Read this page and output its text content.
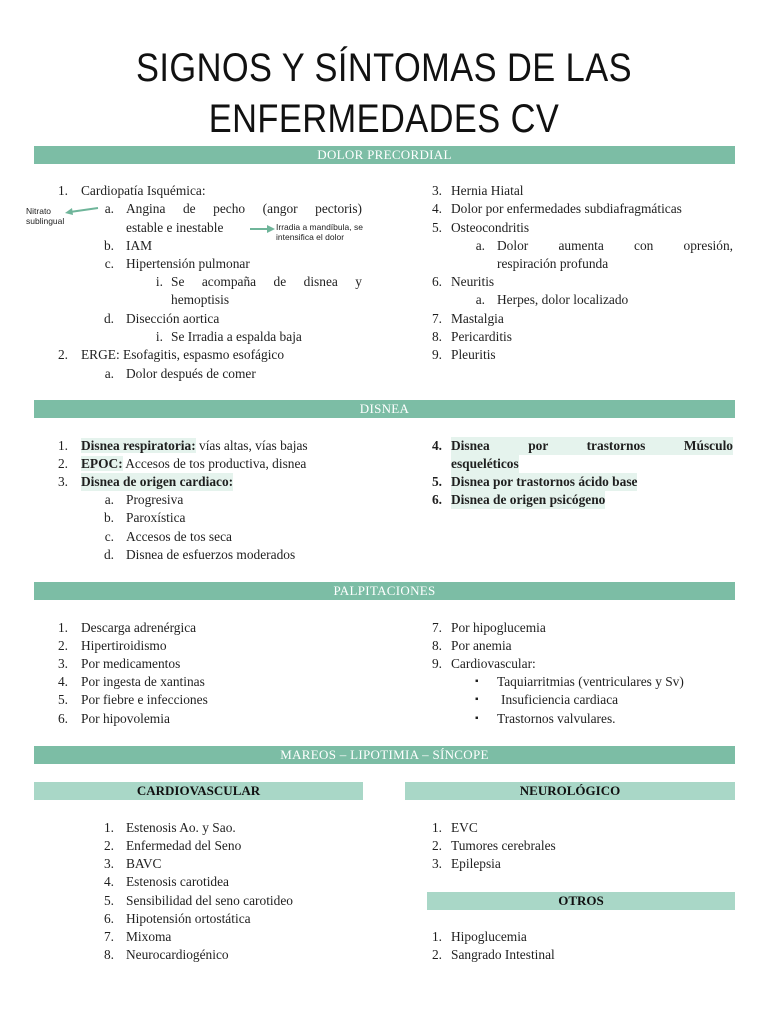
SIGNOS Y SÍNTOMAS DE LAS
ENFERMEDADES CV
DOLOR PRECORDIAL
1. Cardiopatía Isquémica:
a. Angina de pecho (angor pectoris)
estable e inestable
b. IAM
c. Hipertensión pulmonar
i. Se acompaña de disnea y
hemoptisis
d. Disección aortica
i. Se Irradia a espalda baja
2. ERGE: Esofagitis, espasmo esofágico
a. Dolor después de comer
Nitrato
sublingual
Irradia a mandíbula, se
intensifica el dolor
3. Hernia Hiatal
4. Dolor por enfermedades subdiafragmáticas
5. Osteocondritis
a. Dolor aumenta con opresión,
respiración profunda
6. Neuritis
a. Herpes, dolor localizado
7. Mastalgia
8. Pericarditis
9. Pleuritis
DISNEA
1. Disnea respiratoria: vías altas, vías bajas
2. EPOC: Accesos de tos productiva, disnea
3. Disnea de origen cardiaco:
a. Progresiva
b. Paroxística
c. Accesos de tos seca
d. Disnea de esfuerzos moderados
4. Disnea por trastornos Músculo
esqueléticos
5. Disnea por trastornos ácido base
6. Disnea de origen psicógeno
PALPITACIONES
1. Descarga adrenérgica
2. Hipertiroidismo
3. Por medicamentos
4. Por ingesta de xantinas
5. Por fiebre e infecciones
6. Por hipovolemia
7. Por hipoglucemia
8. Por anemia
9. Cardiovascular:
▪ Taquiarritmias (ventriculares y Sv)
▪ Insuficiencia cardiaca
▪ Trastornos valvulares.
MAREOS – LIPOTIMIA – SÍNCOPE
CARDIOVASCULAR	NEUROLÓGICO
1. Estenosis Ao. y Sao.
2. Enfermedad del Seno
3. BAVC
4. Estenosis carotidea
5. Sensibilidad del seno carotideo
6. Hipotensión ortostática
7. Mixoma
8. Neurocardiogénico
1. EVC
2. Tumores cerebrales
3. Epilepsia
OTROS
1. Hipoglucemia
2. Sangrado Intestinal
